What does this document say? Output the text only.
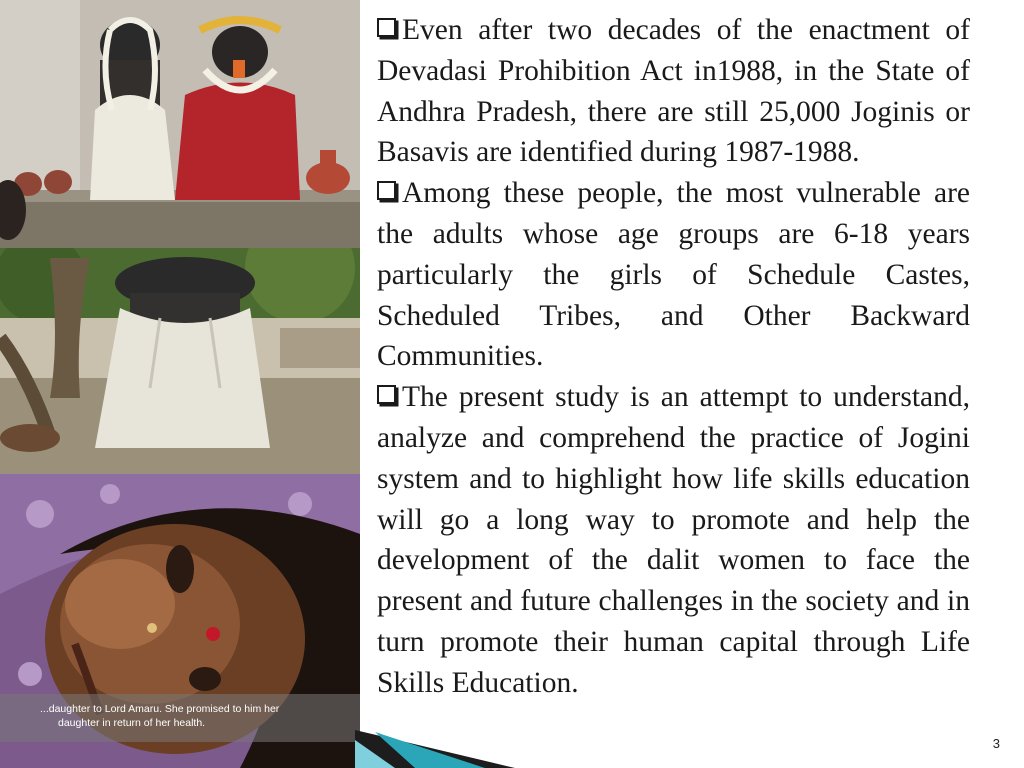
...daughter to Lord Amaru. She promised to him her
daughter in return of her health.
Even after two decades of the enactment of Devadasi Prohibition Act in1988, in the State of Andhra Pradesh, there are still 25,000 Joginis or Basavis are identified during 1987-1988.
Among these people, the most vulnerable are the adults whose age groups are 6-18 years particularly the girls of Schedule Castes, Scheduled Tribes, and Other Backward Communities.
The present study is an attempt to understand, analyze and comprehend the practice of Jogini system and to highlight how life skills education will go a long way to promote and help the development of the dalit women to face the present and future challenges in the society and in turn promote their human capital through Life Skills Education.
3
